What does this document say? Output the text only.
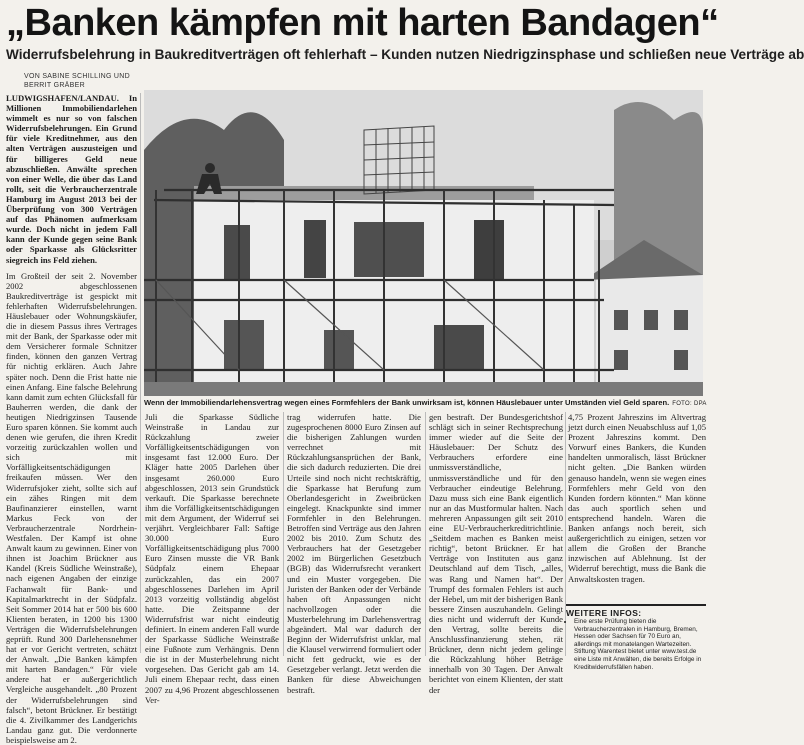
„Banken kämpfen mit harten Bandagen“
Widerrufsbelehrung in Baukreditverträgen oft fehlerhaft – Kunden nutzen Niedrigzinsphase und schließen neue Verträge ab
VON SABINE SCHILLING UND BERRIT GRÄBER

LUDWIGSHAFEN/LANDAU. In Millionen Immobiliendarlehen wimmelt es nur so von falschen Widerrufsbelehrungen. Ein Grund für viele Kreditnehmer, aus den alten Verträgen auszusteigen und für billigeres Geld neue abzuschließen. Anwälte sprechen von einer Welle, die über das Land rollt, seit die Verbraucherzentrale Hamburg im August 2013 bei der Überprüfung von 300 Verträgen auf das Phänomen aufmerksam wurde. Doch nicht in jedem Fall kann der Kunde gegen seine Bank oder Sparkasse als Glücksritter siegreich ins Feld ziehen.

Im Großteil der seit 2. November 2002 abgeschlossenen Baukreditverträge ist gespickt mit fehlerhaften Widerrufsbelehrungen. Häuslebauer oder Wohnungskäufer, die in diesem Passus ihres Vertrages mit der Bank, der Sparkasse oder mit dem Versicherer formale Schnitzer finden, können den ganzen Vertrag für nichtig erklären. Auch Jahre später noch. Denn die Frist hatte nie einen Anfang. Eine falsche Belehrung kann damit zum echten Glücksfall für Bauherren werden, die dank der heutigen Niedrigzinsen Tausende Euro sparen können. Sie kommt auch denen wie gerufen, die ihren Kredit vorzeitig zurückzahlen wollen und sich mit Vorfälligkeitsentschädigungen freikaufen müssen. Wer den Widerrufsjoker zieht, sollte sich auf ein zähes Ringen mit dem Baufinanzierer einstellen, warnt Markus Feck von der Verbraucherzentrale Nordrhein-Westfalen. Der Kampf ist ohne Anwalt kaum zu gewinnen. Einer von ihnen ist Joachim Brückner aus Kandel (Kreis Südliche Weinstraße), nach eigenen Angaben der einzige Fachanwalt für Bank- und Kapitalmarktrecht in der Südpfalz. Seit Sommer 2014 hat er 500 bis 600 Klienten beraten, in 1200 bis 1300 Verträgen die Widerrufsbelehrungen geprüft. Rund 300 Darlehensnehmer hat er vor Gericht vertreten, schätzt der Anwalt. „Die Banken kämpfen mit harten Bandagen.“ Für viele andere hat er außergerichtlich Vergleiche ausgehandelt. „80 Prozent der Widerrufsbelehrungen sind falsch“, betont Brückner. Er bestätigt die 4. Zivilkammer des Landgerichts Landau ganz gut. Die verdonnerte beispielsweise am 2.

Wenn der Immobiliendarlehensvertrag wegen eines Formfehlers der Bank unwirksam ist, können Häuslebauer unter Umständen viel Geld sparen. FOTO: DPA

Juli die Sparkasse Südliche Weinstraße in Landau zur Rückzahlung zweier Vorfälligkeitsentschädigungen von insgesamt fast 12.000 Euro. Der Kläger hatte 2005 Darlehen über insgesamt 260.000 Euro abgeschlossen, 2013 sein Grundstück verkauft. Die Sparkasse berechnete ihm die Vorfälligkeitsentschädigungen mit dem Argument, der Widerruf sei verjährt. Vergleichbarer Fall: Saftige 30.000 Euro Vorfälligkeitsentschädigung plus 7000 Euro Zinsen musste die VR Bank Südpfalz einem Ehepaar zurückzahlen, das ein 2007 abgeschlossenes Darlehen im April 2013 vorzeitig vollständig abgelöst hatte. Die Zeitspanne der Widerrufsfrist war nicht eindeutig definiert. In einem anderen Fall wurde der Sparkasse Südliche Weinstraße eine Fußnote zum Verhängnis. Denn die ist in der Musterbelehrung nicht vorgesehen. Das Gericht gab am 14. Juli einem Ehepaar recht, dass einen 2007 zu 4,96 Prozent abgeschlossenen Ver-

trag widerrufen hatte. Die zugesprochenen 8000 Euro Zinsen auf die bisherigen Zahlungen wurden verrechnet mit Rückzahlungsansprüchen der Bank, die sich dadurch reduzierten. Die drei Urteile sind noch nicht rechtskräftig, die Sparkasse hat Berufung zum Oberlandesgericht in Zweibrücken eingelegt. Knackpunkte sind immer Formfehler in den Belehrungen. Betroffen sind Verträge aus den Jahren 2002 bis 2010. Zum Schutz des Verbrauchers hat der Gesetzgeber 2002 im Bürgerlichen Gesetzbuch (BGB) das Widerrufsrecht verankert und ein Muster vorgegeben. Die Juristen der Banken oder der Verbände haben oft Anpassungen nicht nachvollzogen oder die Musterbelehrung im Darlehensvertrag abgeändert. Mal war dadurch der Beginn der Widerrufsfrist unklar, mal die Klausel verwirrend formuliert oder nicht fett gedruckt, wie es der Gesetzgeber verlangt. Jetzt werden die Banken für diese Abweichungen bestraft.

gen bestraft. Der Bundesgerichtshof schlägt sich in seiner Rechtsprechung immer wieder auf die Seite der Häuslebauer: Der Schutz des Verbrauchers erfordere eine unmissverständliche, unmissverständliche und für den Verbraucher eindeutige Belehrung. Dazu muss sich eine Bank eigentlich nur an das Mustformular halten. Nach mehreren Anpassungen gilt seit 2010 eine EU-Verbraucherkreditrichtlinie. „Seitdem machen es Banken meist richtig“, betont Brückner. Er hat Verträge von Instituten aus ganz Deutschland auf dem Tisch, „alles, was Rang und Namen hat“. Der Trumpf des formalen Fehlers ist auch der Hebel, um mit der bisherigen Bank bessere Zinsen auszuhandeln. Gelingt dies nicht und widerruft der Kunde den Vertrag, sollte bereits die Anschlussfinanzierung stehen, rät Brückner, denn nicht jedem gelinge die Rückzahlung höher Beträge innerhalb von 30 Tagen. Der Anwalt berichtet von einem Klienten, der statt der

4,75 Prozent Jahreszins im Altvertrag jetzt durch einen Neuabschluss auf 1,05 Prozent Jahreszins kommt. Den Vorwurf eines Bankers, die Kunden handelten unmoralisch, lässt Brückner nicht gelten. „Die Banken würden genauso handeln, wenn sie wegen eines Formfehlers mehr Geld von den Kunden fordern könnten.“ Man könne das auch sportlich sehen und entsprechend handeln. Waren die Banken anfangs noch bereit, sich außergerichtlich zu einigen, setzen vor allem die Großen der Branche inzwischen auf Ablehnung. Ist der Widerruf berechtigt, muss die Bank die Anwaltskosten tragen.

WEITERE INFOS:
• Eine erste Prüfung bieten die Verbraucherzentralen in Hamburg, Bremen, Hessen oder Sachsen für 70 Euro an, allerdings mit monatelangen Wartezeiten. Stiftung Warentest bietet unter www.test.de eine Liste mit Anwälten, die bereits Erfolge in Kreditwiderrufsfällen haben.
